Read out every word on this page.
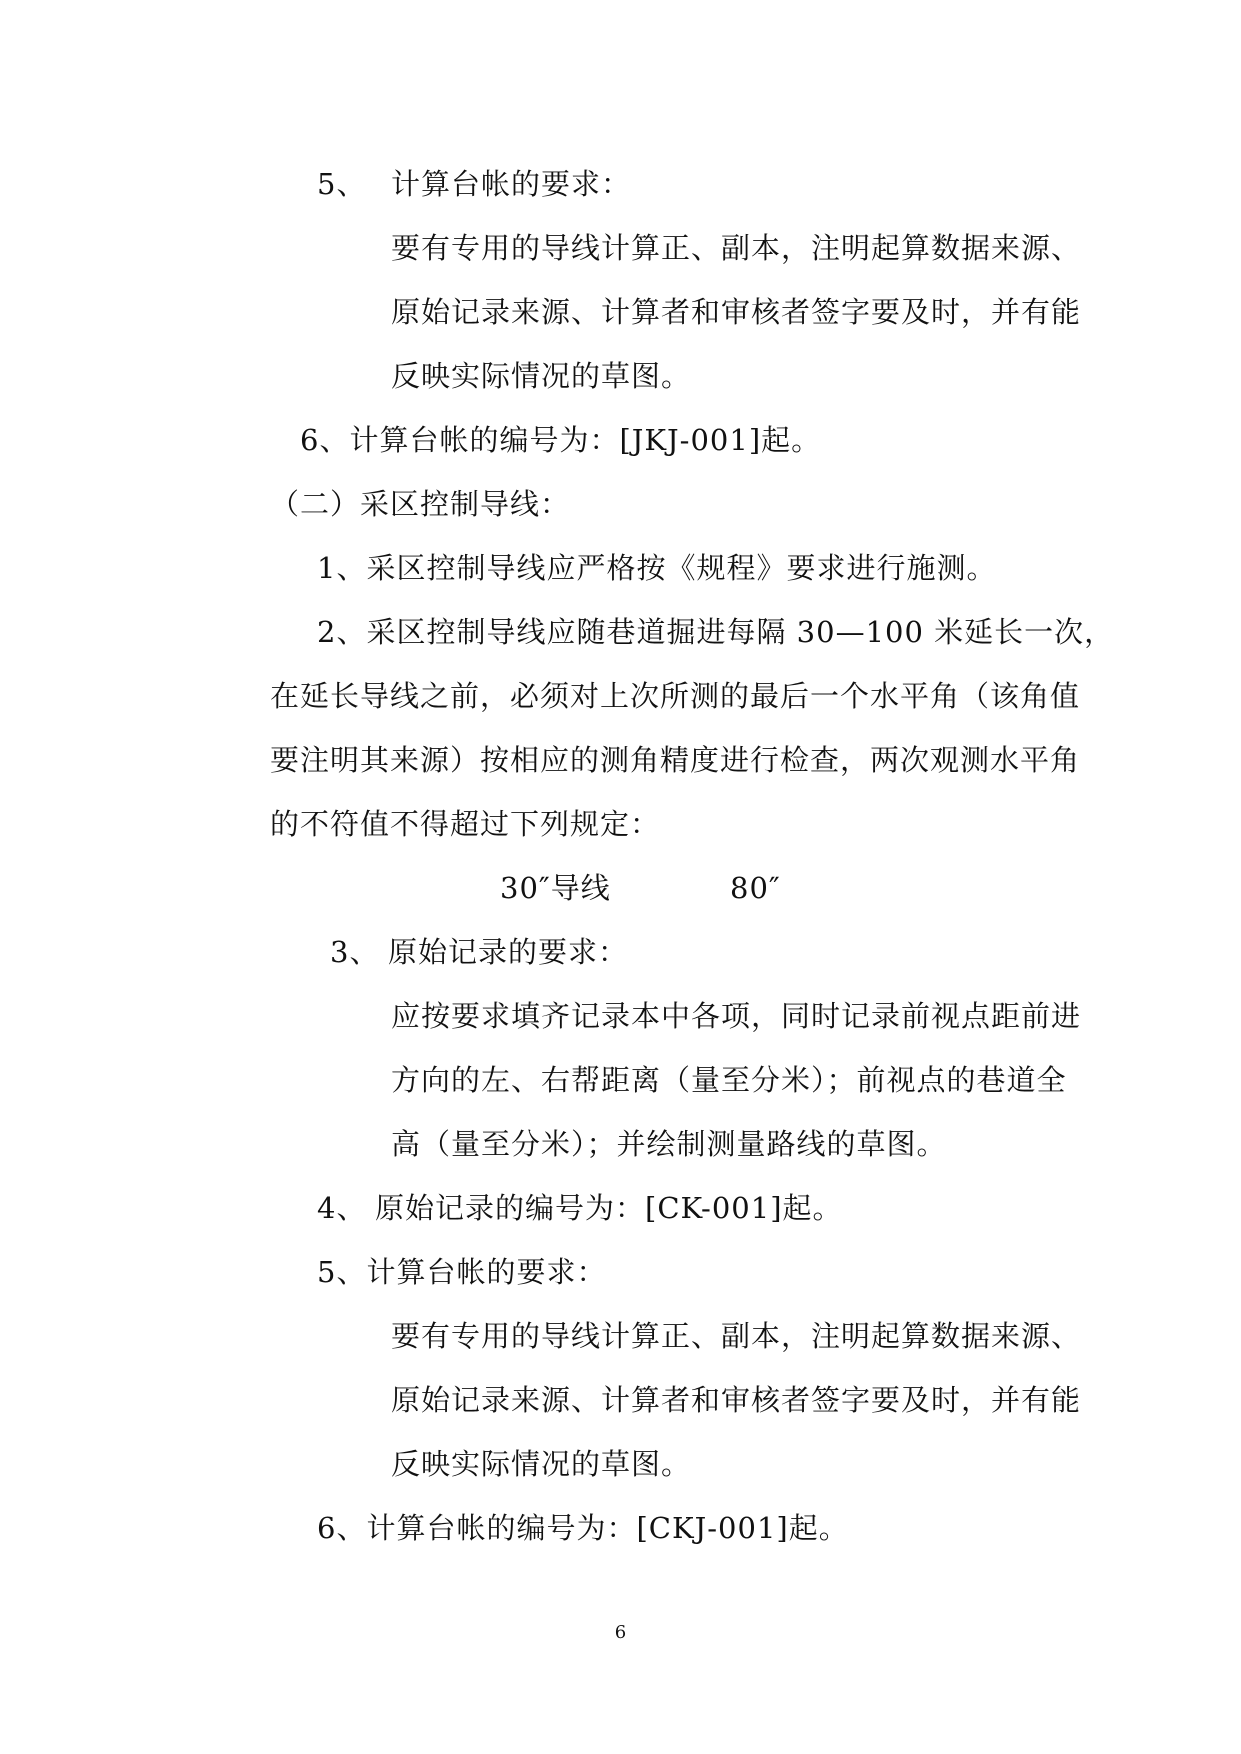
5、 计算台帐的要求：
要有专用的导线计算正、副本，注明起算数据来源、
原始记录来源、计算者和审核者签字要及时，并有能
反映实际情况的草图。
6、计算台帐的编号为：[JKJ-001]起。
（二）采区控制导线：
1、采区控制导线应严格按《规程》要求进行施测。
2、采区控制导线应随巷道掘进每隔 30—100 米延长一次，
在延长导线之前，必须对上次所测的最后一个水平角（该角值
要注明其来源）按相应的测角精度进行检查，两次观测水平角
的不符值不得超过下列规定：
30″导线	80″
3、 原始记录的要求：
应按要求填齐记录本中各项，同时记录前视点距前进
方向的左、右帮距离（量至分米）；前视点的巷道全
高（量至分米）；并绘制测量路线的草图。
4、 原始记录的编号为：[CK-001]起。
5、计算台帐的要求：
要有专用的导线计算正、副本，注明起算数据来源、
原始记录来源、计算者和审核者签字要及时，并有能
反映实际情况的草图。
6、计算台帐的编号为：[CKJ-001]起。
6
